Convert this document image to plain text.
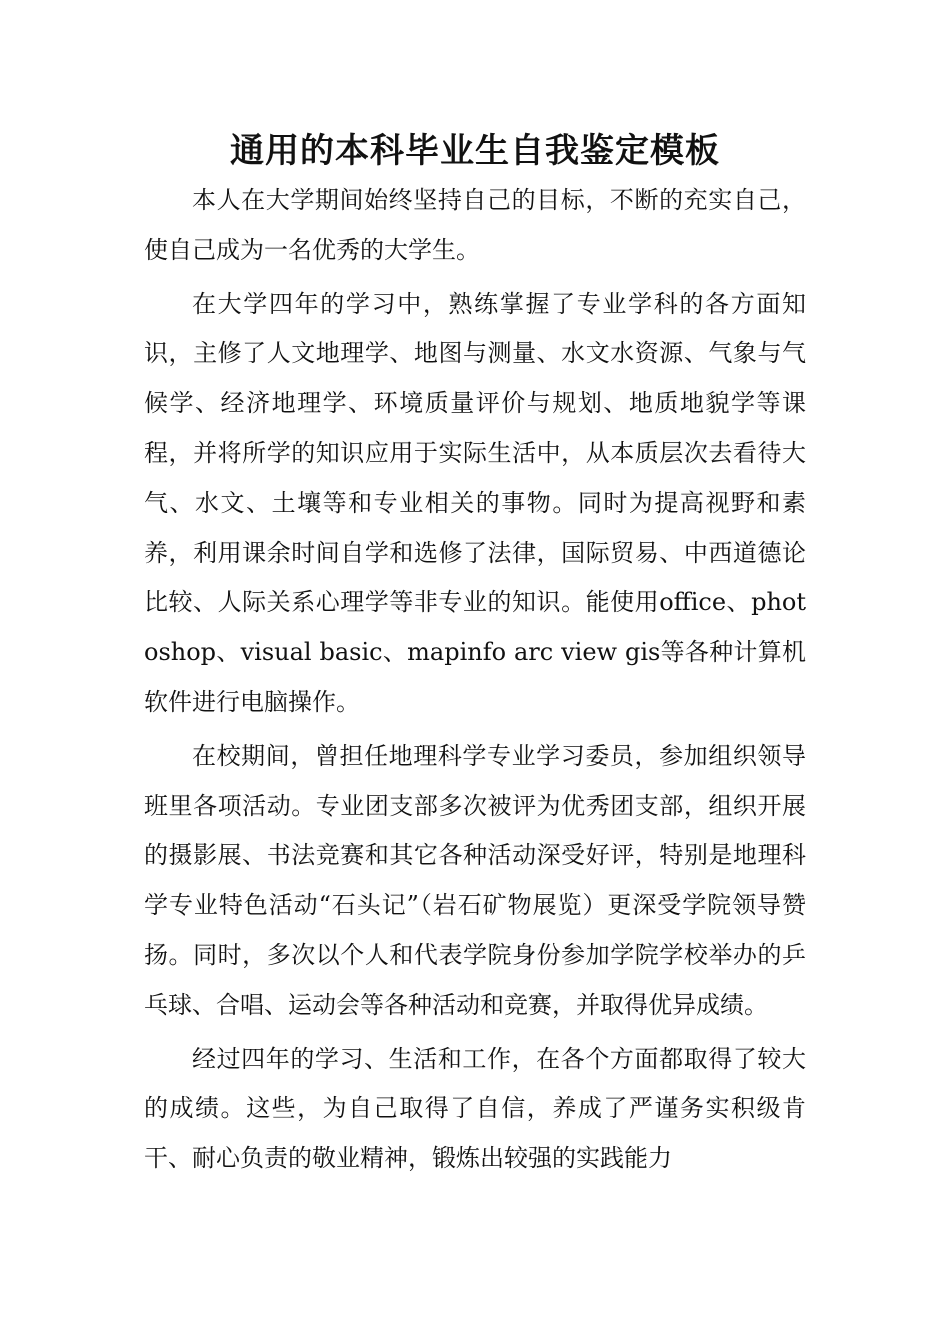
通用的本科毕业生自我鉴定模板

本人在大学期间始终坚持自己的目标，不断的充实自己，使自己成为一名优秀的大学生。

在大学四年的学习中，熟练掌握了专业学科的各方面知识，主修了人文地理学、地图与测量、水文水资源、气象与气候学、经济地理学、环境质量评价与规划、地质地貌学等课程，并将所学的知识应用于实际生活中，从本质层次去看待大气、水文、土壤等和专业相关的事物。同时为提高视野和素养，利用课余时间自学和选修了法律，国际贸易、中西道德论比较、人际关系心理学等非专业的知识。能使用office、photoshop、visual basic、mapinfo arc view gis等各种计算机软件进行电脑操作。

在校期间，曾担任地理科学专业学习委员，参加组织领导班里各项活动。专业团支部多次被评为优秀团支部，组织开展的摄影展、书法竞赛和其它各种活动深受好评，特别是地理科学专业特色活动“石头记”（岩石矿物展览）更深受学院领导赞扬。同时，多次以个人和代表学院身份参加学院学校举办的乒乓球、合唱、运动会等各种活动和竞赛，并取得优异成绩。

经过四年的学习、生活和工作，在各个方面都取得了较大的成绩。这些，为自己取得了自信，养成了严谨务实积级肯干、耐心负责的敬业精神，锻炼出较强的实践能力
